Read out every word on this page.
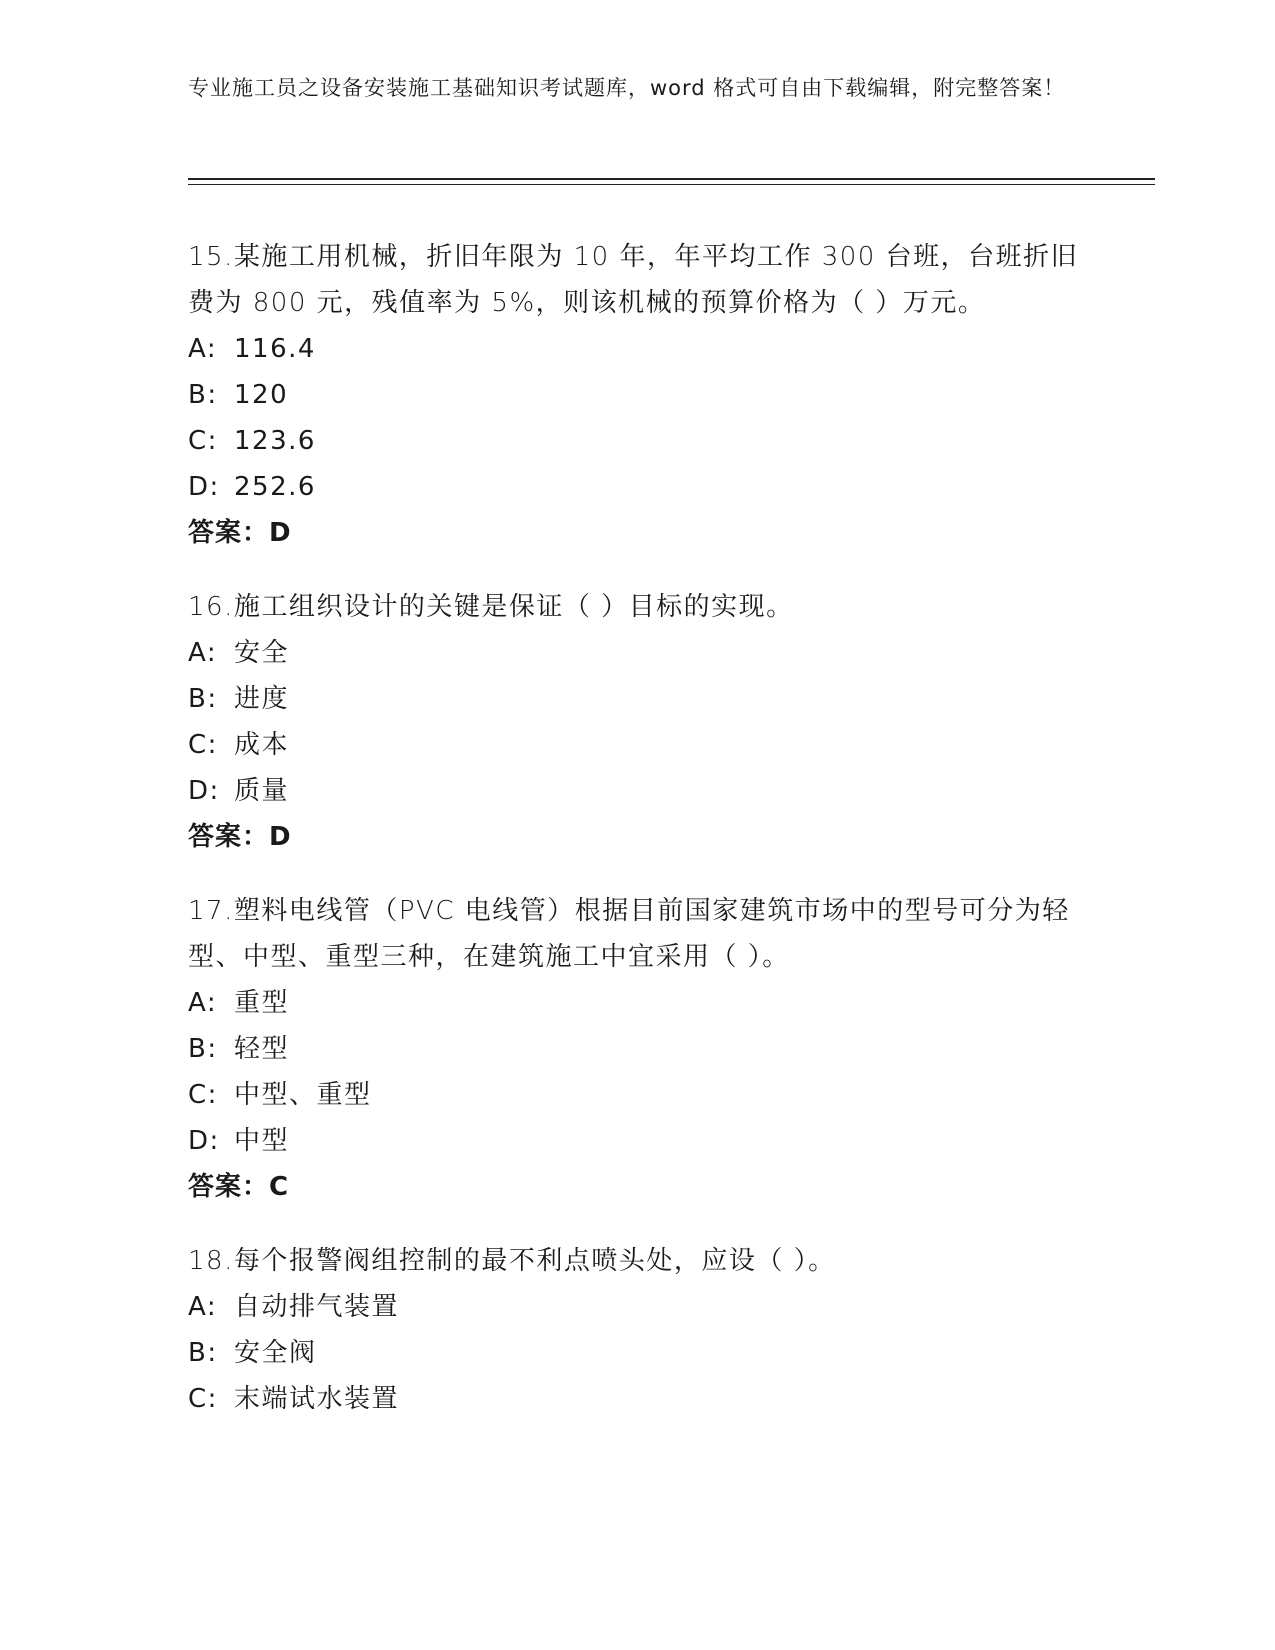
专业施工员之设备安装施工基础知识考试题库，word 格式可自由下载编辑，附完整答案！
15.某施工用机械，折旧年限为 10 年，年平均工作 300 台班，台班折旧费为 800 元，残值率为 5%，则该机械的预算价格为（ ）万元。
A: 116.4
B: 120
C: 123.6
D: 252.6
答案：D
16.施工组织设计的关键是保证（ ）目标的实现。
A: 安全
B: 进度
C: 成本
D: 质量
答案：D
17.塑料电线管（PVC 电线管）根据目前国家建筑市场中的型号可分为轻型、中型、重型三种，在建筑施工中宜采用（ ）。
A: 重型
B: 轻型
C: 中型、重型
D: 中型
答案：C
18.每个报警阀组控制的最不利点喷头处，应设（ ）。
A: 自动排气装置
B: 安全阀
C: 末端试水装置
